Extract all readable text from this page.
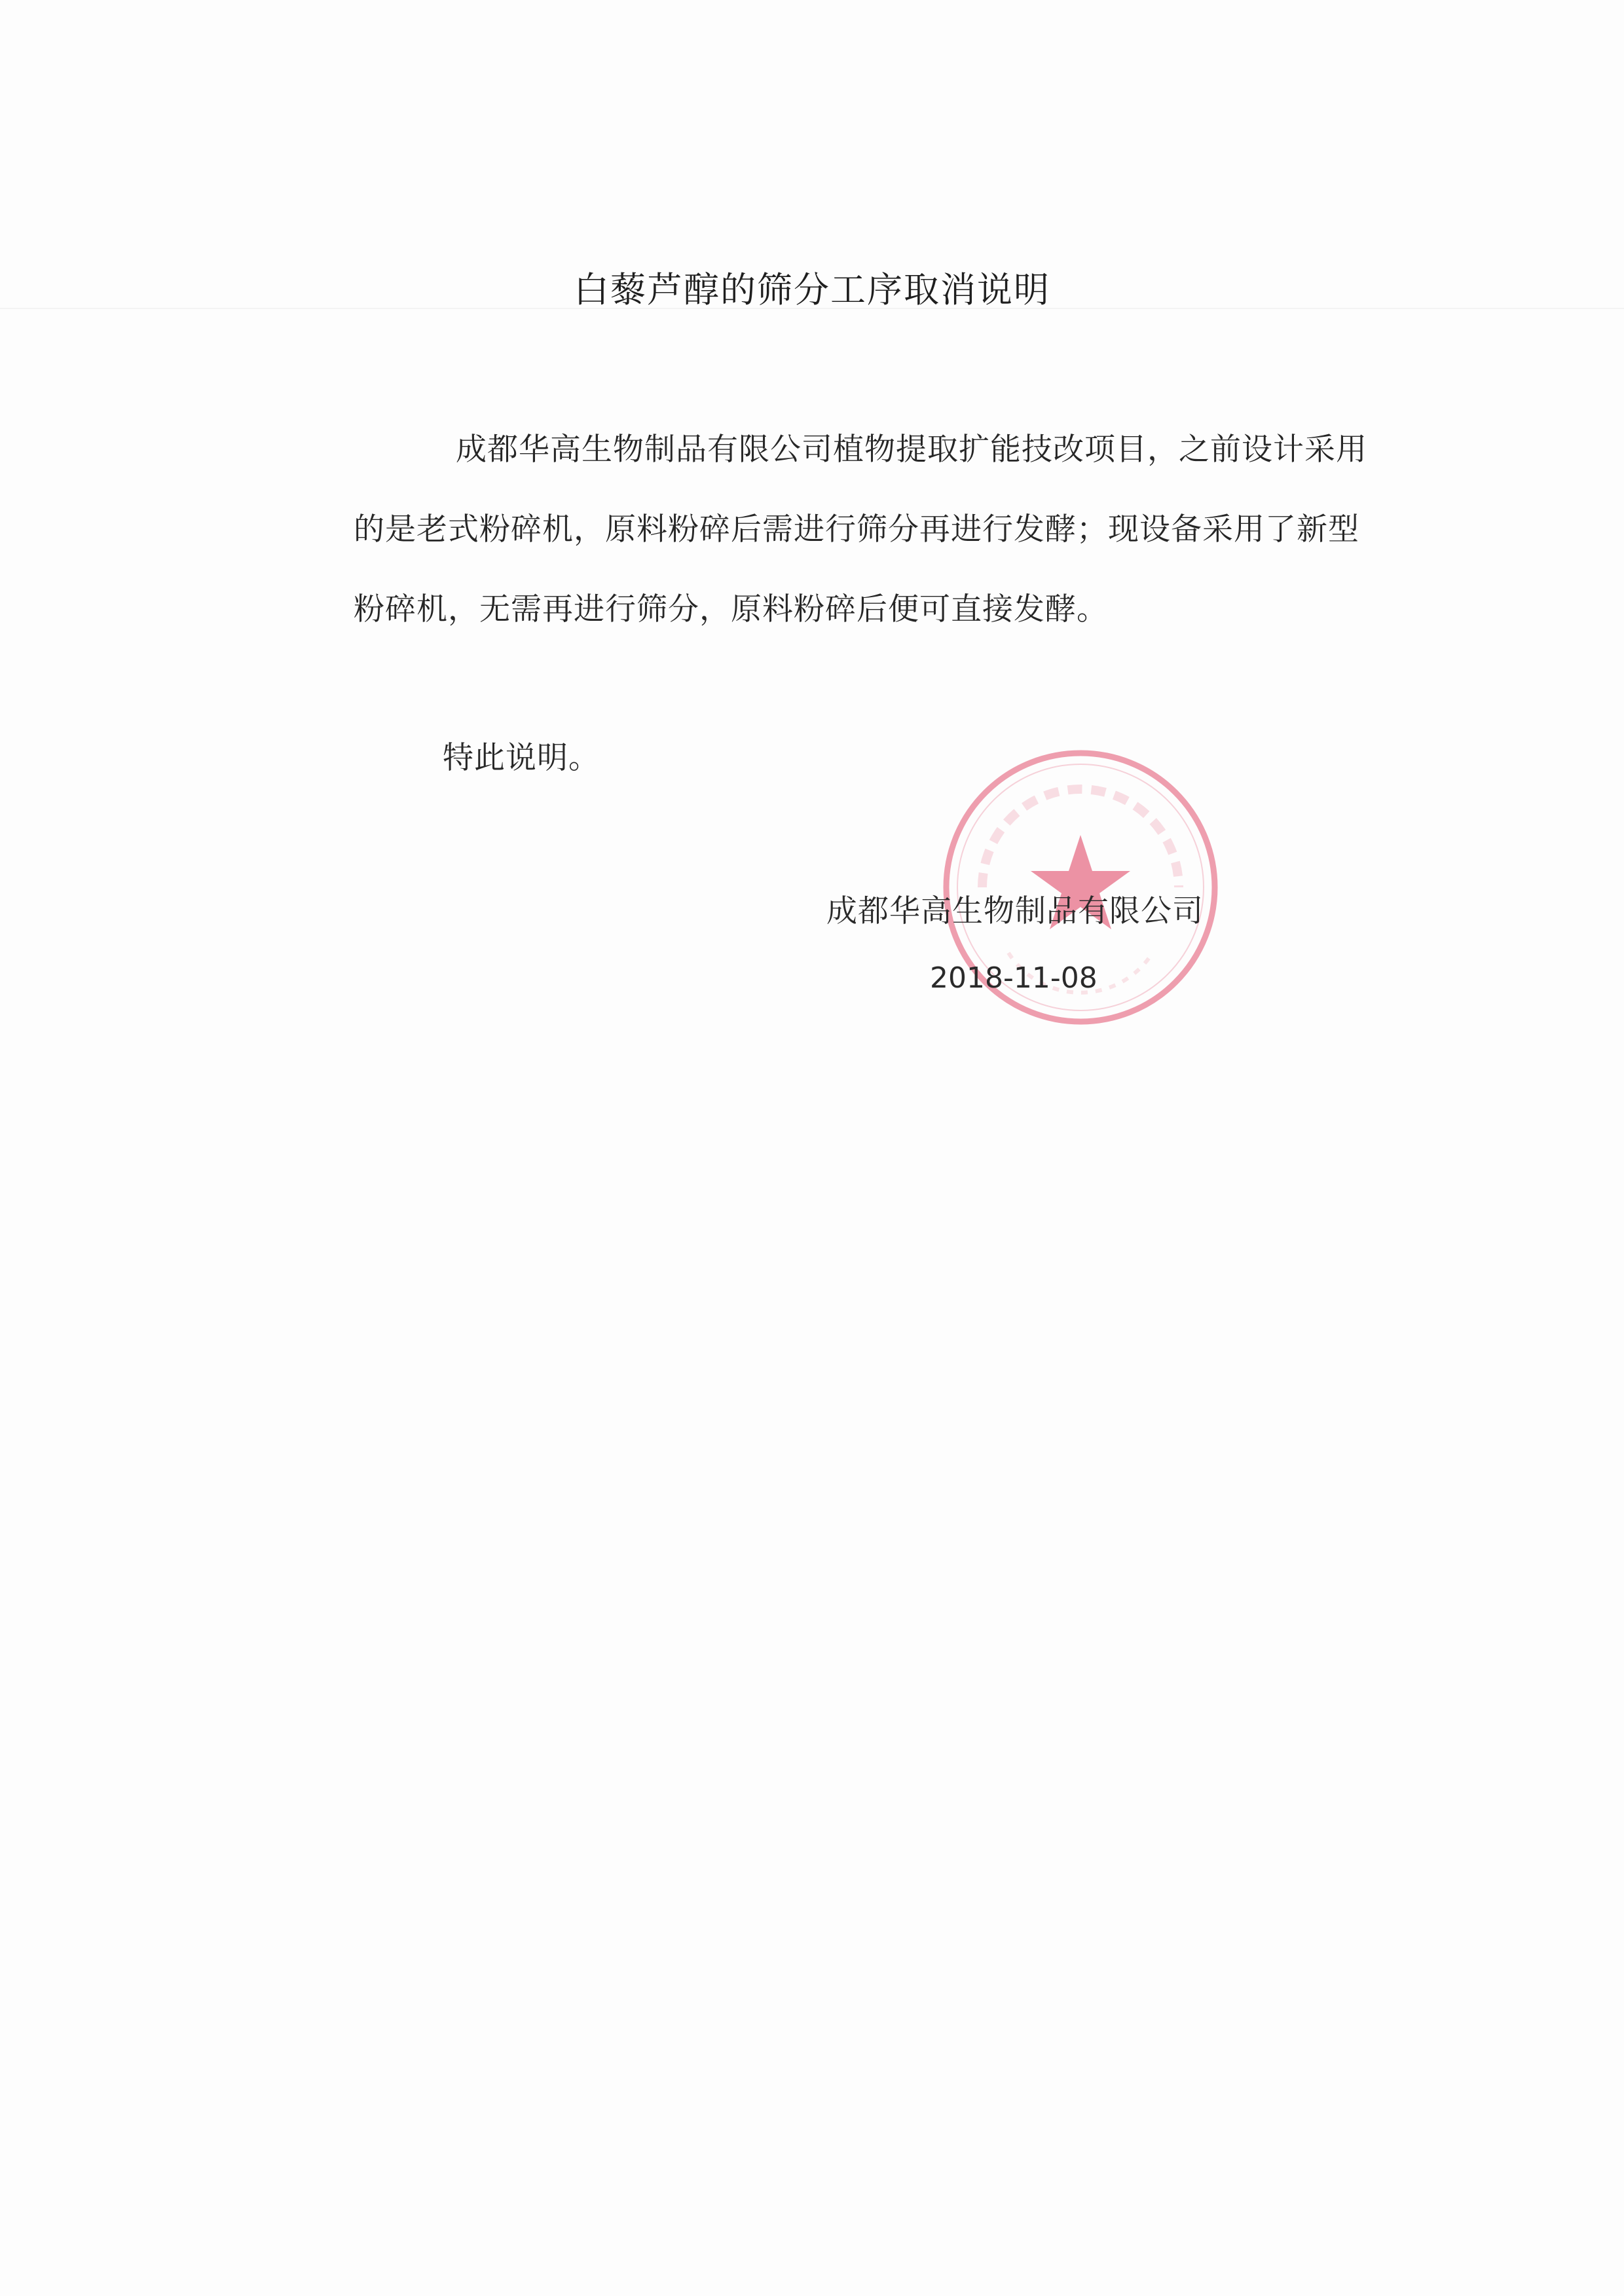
白藜芦醇的筛分工序取消说明
成都华高生物制品有限公司植物提取扩能技改项目，之前设计采用的是老式粉碎机，原料粉碎后需进行筛分再进行发酵；现设备采用了新型粉碎机，无需再进行筛分，原料粉碎后便可直接发酵。
特此说明。
成都华高生物制品有限公司
2018-11-08
